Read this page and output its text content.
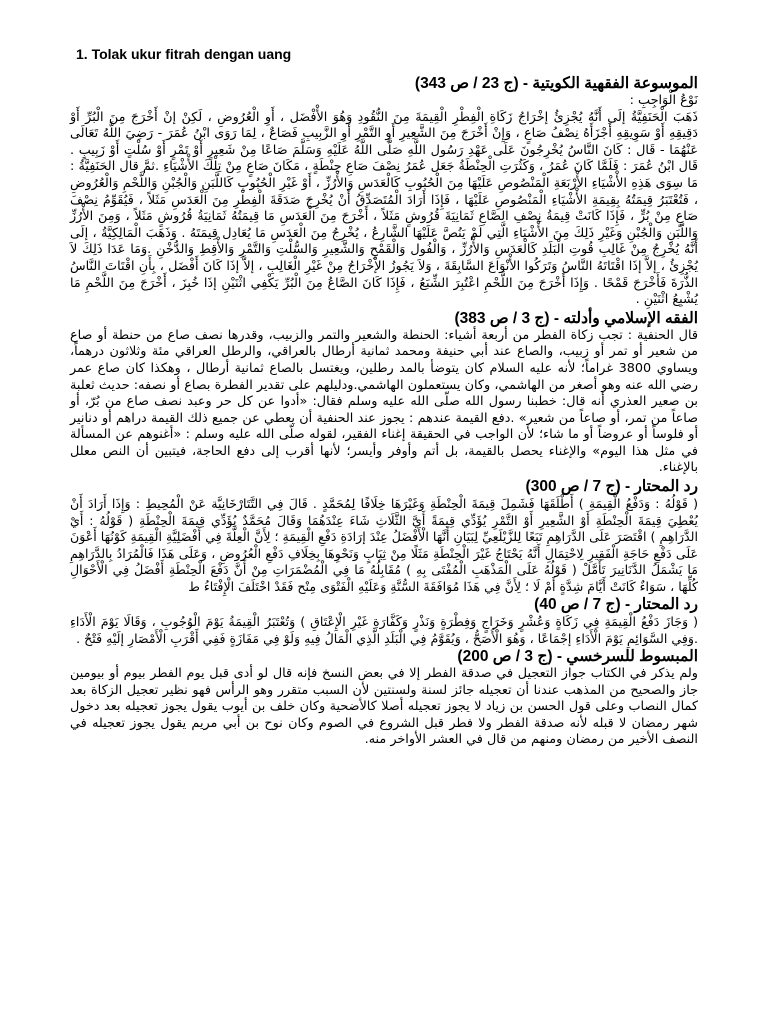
1. Tolak ukur fitrah dengan uang
الموسوعة الفقهية الكويتية - (ج 23 / ص 343)

نَوْعُ الْوَاجِبِ :

ذَهَبَ الْحَنَفِيَّةُ إلَى أَنَّهُ يُجْزِئُ إخْرَاجُ زَكَاةِ الْفِطْرِ الْقِيمَةَ مِنَ النُّقُودِ وَهُوَ الأْفْضَل ، أَوِ الْعُرُوضِ ، لَكِنْ إنْ أَخْرَجَ مِنَ الْبُرِّ أَوْ دَقِيقِهِ أَوْ سَوِيقِهِ أَجْزَأَهُ نِصْفُ صَاعٍ ، وَإِنْ أَخْرَجَ مِنَ الشَّعِيرِ أَوِ التَّمْرِ أَوِ الزَّبِيبِ فَصَاعٌ ، لِمَا رَوَى ابْنُ عُمَرَ - رَضِيَ اللَّهُ تَعَالَى عَنْهُمَا - قَال : كَانَ النَّاسُ يُخْرِجُونَ عَلَى عَهْدِ رَسُول اللَّهِ صَلَّى اللَّهُ عَلَيْهِ وَسَلَّمَ صَاعًا مِنْ شَعِيرٍ أَوْ تَمْرٍ أَوْ سُلْتٍ أَوْ زَبِيبٍ . قَال ابْنُ عُمَرَ : فَلَمَّا كَانَ عُمَرُ ، وَكَثُرَتِ الْحِنْطَةُ جَعَل عُمَرُ نِصْفَ صَاعِ حِنْطَةٍ ، مَكَانَ صَاعٍ مِنْ تِلْكَ الأْشْيَاءِ .ثمَّ قال الحَنَفِيَّةُ : مَا سِوَى هَذِهِ الأْشْيَاءِ الأْرْبَعَةِ الْمَنْصُوصِ عَلَيْهَا مِنَ الْحُبُوبِ كَالْعَدَسِ وَالأْرُزِّ ، أَوْ غَيْرِ الْحُبُوبِ كَاللَّبَنِ وَالْجُبْنِ وَاللَّحْمِ وَالْعُرُوضِ ، فَتُعْتَبَرُ قِيمَتُهُ بِقِيمَةِ الأْشْيَاءِ الْمَنْصُوصِ عَلَيْهَا ، فَإِذَا أَرَادَ الْمُتَصَدِّقُ أَنْ يُخْرِجَ صَدَقَةَ الْفِطْرِ مِنَ الْعَدَسِ مَثَلاً ، فَيُقَوِّمُ نِصْفَ صَاعٍ مِنْ بُرٍّ ، فَإِذَا كَانَتْ قِيمَةُ نِصْفِ الصَّاعِ ثَمَانِيَةَ قُرُوشٍ مَثَلاً ، أَخْرَجَ مِنَ الْعَدَسِ مَا قِيمَتُهُ ثَمَانِيَةُ قُرُوشٍ مَثَلاً ، وَمِنَ الأْرُزِّ وَاللَّبَنِ وَالْجُبْنِ وَغَيْرِ ذَلِكَ مِنَ الأْشْيَاءِ الَّتِي لَمْ يَنُصَّ عَلَيْهَا الشَّارِعُ ، يُخْرِجُ مِنَ الْعَدَسِ مَا يُعَادِل قِيمَتَهُ . وَذَهَبَ الْمَالِكِيَّةُ ، إلَى أَنَّهُ يُخْرِجُ مِنْ غَالِبِ قُوتِ الْبَلَدِ كَالْعَدَسِ وَالأْرُزِّ ، وَالْفُول وَالْقَمْحِ وَالشَّعِيرِ وَالسُّلْتِ وَالتَّمْرِ وَالأْقِطِ وَالدُّخْنِ .وَمَا عَدَا ذَلِكَ لاَ يُجْزِئُ ، إلاَّ إذَا اقْتَاتَهُ النَّاسُ وَتَرَكُوا الأْنْوَاعَ السَّابِقَةَ ، وَلاَ يَجُوزُ الإْخْرَاجُ مِنْ غَيْرِ الْغَالِبِ ، إلاَّ إذَا كَانَ أَفْضَل ، بِأَنِ اقْتَاتَ النَّاسُ الذُّرَةَ فَأَخْرَجَ قَمْحًا . وَإِذَا أَخْرَجَ مِنَ اللَّحْمِ اعْتُبِرَ الشِّبَعُ ، فَإِذَا كَانَ الصَّاعُ مِنَ الْبُرِّ يَكْفِي اثْنَيْنِ إذَا خُبِزَ ، أَخْرَجَ مِنَ اللَّحْمِ مَا يُشْبِعُ اثْنَيْنِ .

الفقه الإسلامي وأدلته - (ج 3 / ص 383)

قال الحنفية : تجب زكاة الفطر من أربعة أشياء: الحنطة والشعير والتمر والزبيب، وقدرها نصف صاع من حنطة أو صاع من شعير أو تمر أو زبيب، والصاع عند أبي حنيفة ومحمد ثمانية أرطال بالعراقي، والرطل العراقي مئة وثلاثون درهماً، ويساوي 3800 غراماً؛ لأنه عليه السلام كان يتوضأ بالمد رطلين، ويغتسل بالصاع ثمانية أرطال ، وهكذا كان صاع عمر رضي الله عنه وهو أصغر من الهاشمي، وكان يستعملون الهاشمي.ودليلهم على تقدير الفطرة بصاع أو نصفه: حديث ثعلبة بن صعير العذري أنه قال: خطبنا رسول الله صلّى الله عليه وسلم فقال: «أدوا عن كل حر وعبد نصف صاع من بُرّ، أو صاعاً من تمر، أو صاعاً من شعير» .دفع القيمة عندهم : يجوز عند الحنفية أن يعطي عن جميع ذلك القيمة دراهم أو دنانير أو فلوساً أو عروضاً أو ما شاء؛ لأن الواجب في الحقيقة إغناء الفقير، لقوله صلّى الله عليه وسلم : «أغنوهم عن المسألة في مثل هذا اليوم» والإغناء يحصل بالقيمة، بل أتم وأوفر وأيسر؛ لأنها أقرب إلى دفع الحاجة، فيتبين أن النص معلل بالإغناء.

رد المحتار - (ج 7 / ص 300)

( قَوْلُهُ : وَدَفْعُ الْقِيمَةِ ) أَطْلَقَهَا فَشَمِلَ قِيمَةَ الْحِنْطَةِ وَغَيْرَهَا خِلَافًا لِمُحَمَّدٍ . قَالَ فِي التَّتَارْخَانِيَّة عَنْ الْمُحِيطِ : وَإِذَا أَرَادَ أَنْ يُعْطِيَ قِيمَةَ الْحِنْطَةِ أَوْ الشَّعِيرِ أَوْ التَّمْرِ يُؤَدِّي قِيمَةً أَيَّ الثَّلَاثِ شَاءَ عِنْدَهُمَا وَقَالَ مُحَمَّدٌ يُؤَدِّي قِيمَةَ الْحِنْطَةِ ( قَوْلُهُ : أَيْ الدَّرَاهِمِ ) اقْتَصَرَ عَلَى الدَّرَاهِمِ تَبَعًا لِلزَّيْلَعِيِّ لِبَيَانِ أَنَّهَا الْأَفْضَلُ عِنْدَ إرَادَةِ دَفْعِ الْقِيمَةِ ؛ لِأَنَّ الْعِلَّةَ فِي أَفْضَلِيَّةِ الْقِيمَةِ كَوْنُهَا أَعْوَنَ عَلَى دَفْعِ حَاجَةِ الْفَقِيرِ لِاحْتِمَالِ أَنَّهُ يَحْتَاجُ غَيْرَ الْحِنْطَةِ مَثَلًا مِنْ ثِيَابٍ وَنَحْوِهَا بِخِلَافِ دَفْعِ الْعُرُوضِ ، وَعَلَى هَذَا فَالْمُرَادُ بِالدَّرَاهِمِ مَا يَشْمَلُ الدَّنَانِيرَ تَأَمَّلْ ( قَوْلُهُ عَلَى الْمَذْهَبِ الْمُفْتَى بِهِ ) مُقَابِلُهُ مَا فِي الْمُضْمَرَاتِ مِنْ أَنَّ دَفْعَ الْحِنْطَةِ أَفْضَلُ فِي الْأَحْوَالِ كُلِّهَا ، سَوَاءٌ كَانَتْ أَيَّامَ شِدَّةٍ أَمْ لَا ؛ لِأَنَّ فِي هَذَا مُوَافَقَةَ السُّنَّةِ وَعَلَيْهِ الْفَتْوَى مِنْح فَقَدْ اخْتَلَفَ الْإِفْتَاءُ ط

رد المحتار - (ج 7 / ص 40)

( وَجَازَ دَفْعُ الْقِيمَةِ فِي زَكَاةٍ وَعُشْرٍ وَخَرَاجٍ وَفِطْرَةٍ وَنَذْرٍ وَكَفَّارَةِ غَيْرِ الْإِعْتَاقِ ) وَتُعْتَبَرُ الْقِيمَةُ يَوْمَ الْوُجُوبِ ، وَقَالَا يَوْمَ الْأَدَاءِ .وَفِي السَّوَائِمِ يَوْمَ الْأَدَاءِ إجْمَاعًا ، وَهُوَ الْأَصَحُّ ، وَيُقَوَّمُ فِي الْبَلَدِ الَّذِي الْمَالُ فِيهِ وَلَوْ فِي مَفَازَةٍ فَفِي أَقْرَبِ الْأَمْصَارِ إلَيْهِ فَتْحٌ .

المبسوط للسرخسي - (ج 3 / ص 200)

ولم يذكر في الكتاب جواز التعجيل في صدقة الفطر إلا في بعض النسخ فإنه قال لو أدى قبل يوم الفطر بيوم أو بيومين جاز والصحيح من المذهب عندنا أن تعجيله جائز لسنة ولسنتين لأن السبب متقرر وهو الرأس فهو نظير تعجيل الزكاة بعد كمال النصاب وعلى قول الحسن بن زياد لا يجوز تعجيله أصلا كالأضحية وكان خلف بن أيوب يقول يجوز تعجيله بعد دخول شهر رمضان لا قبله لأنه صدقة الفطر ولا فطر قبل الشروع في الصوم وكان نوح بن أبي مريم يقول يجوز تعجيله في النصف الأخير من رمضان ومنهم من قال في العشر الأواخر منه.
